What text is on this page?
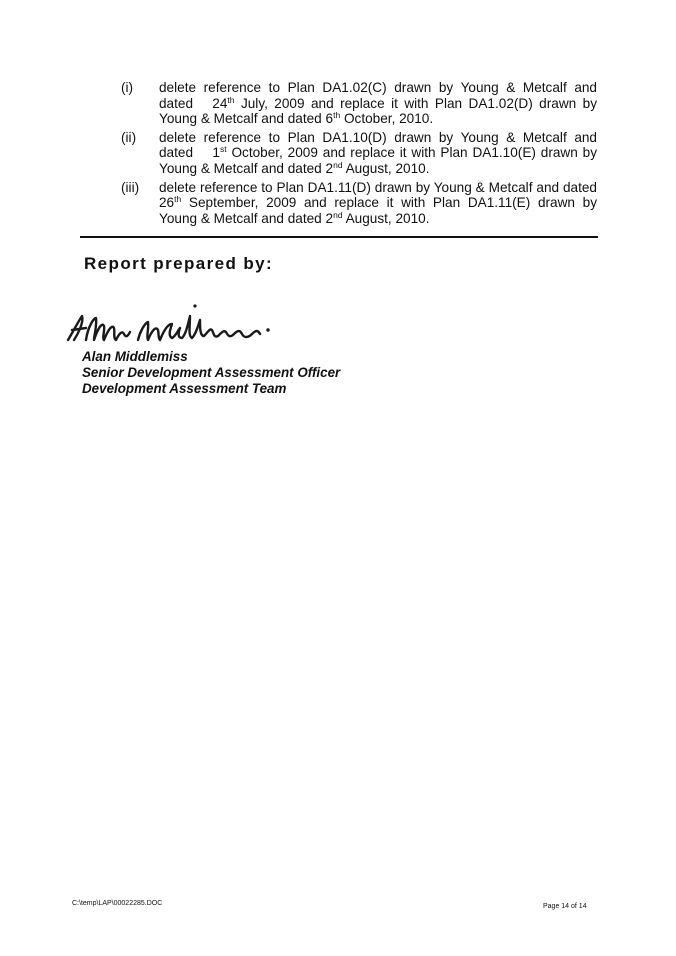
(i) delete reference to Plan DA1.02(C) drawn by Young & Metcalf and dated   24th July, 2009 and replace it with Plan DA1.02(D) drawn by Young & Metcalf and dated 6th October, 2010.
(ii) delete reference to Plan DA1.10(D) drawn by Young & Metcalf and dated    1st October, 2009 and replace it with Plan DA1.10(E) drawn by Young & Metcalf and dated 2nd August, 2010.
(iii) delete reference to Plan DA1.11(D) drawn by Young & Metcalf and dated 26th September, 2009 and replace it with Plan DA1.11(E) drawn by Young & Metcalf and dated 2nd August, 2010.
Report prepared by:
Alan Middlemiss
Senior Development Assessment Officer
Development Assessment Team
C:\temp\LAP\00022285.DOC	Page 14 of 14
